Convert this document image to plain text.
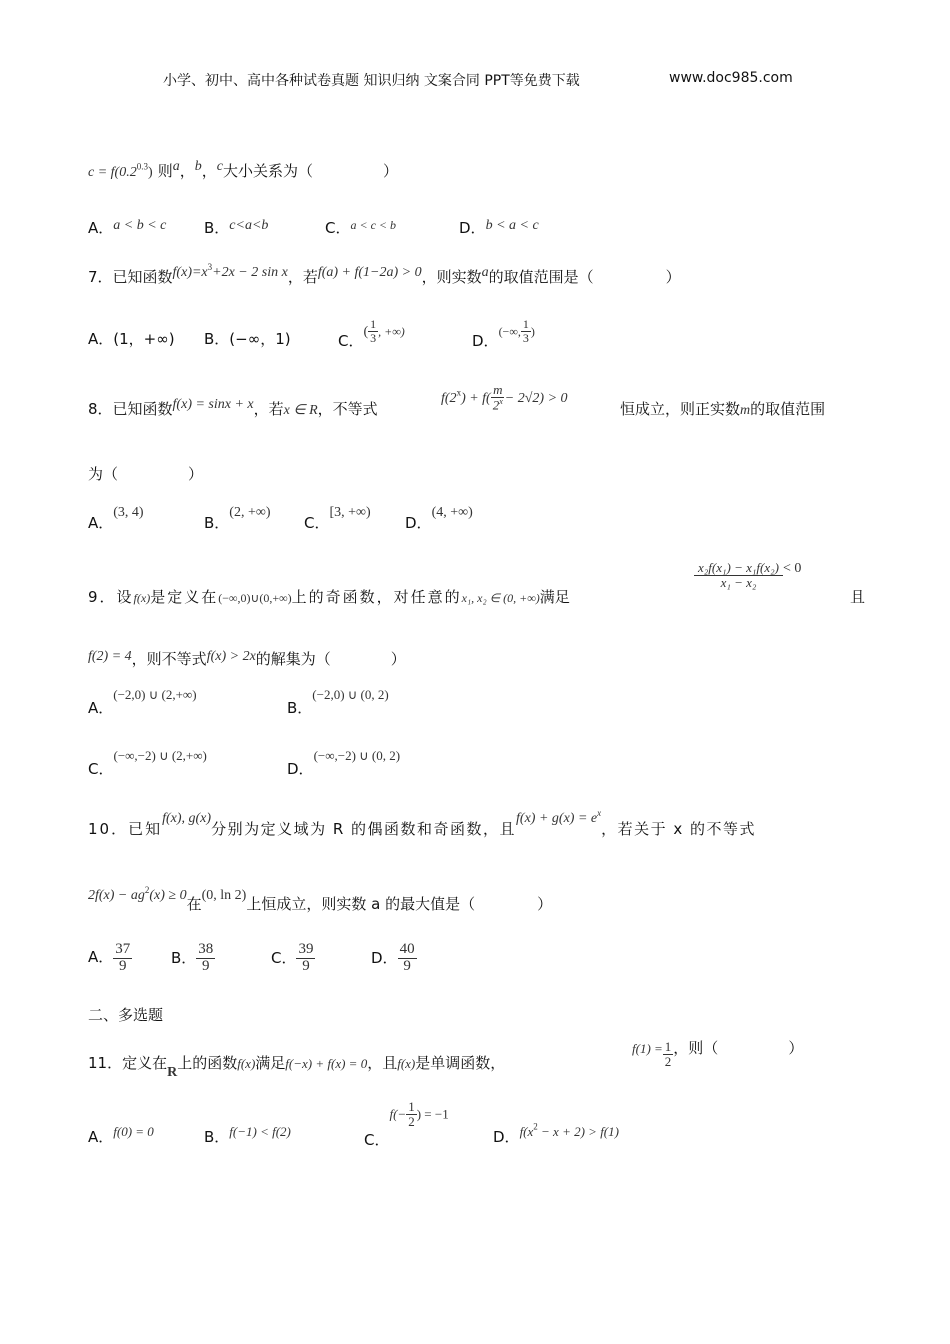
小学、初中、高中各种试卷真题 知识归纳 文案合同 PPT等免费下载	www.doc985.com
$c = f(0.2^{0.3})$ 则a，b，c大小关系为（	）
A．a < b < c	B．c<a<b	C．$^{a < c < b}$	D．b < a < c
7．已知函数$f(x)=x^3+2x - 2$ sin x，若f(a) + f(1−2a) > 0，则实数a的取值范围是（	）
A．(1，+∞) B．(−∞，1)	C．( $\frac{1}{3}$ , +∞)	D．(−∞, $\frac{1}{3}$ )
8．已知函数f(x) = sinx + x，若x ∈ R，不等式
$f(2^x) + f( \frac{m}{2^x} - 2√2) > 0$
恒成立，则正实数m的取值范围
为（	）
A．(3, 4)
B．(2, +∞)
C．[3, +∞)
D．(4, +∞)
9．设f(x)是定义在(−∞,0)∪(0,+∞)上的奇函数，对任意的x₁, x₂ ∈ (0, +∞)满足
$\frac{\text{x₂f(x₁) − x₁f(x₂)}}{\text{x₁ − x₂}} < 0$
且
f(2) = 4，则不等式f(x) > 2x的解集为（	）
A．(−2,0) ∪ (2,+∞)
B．(−2,0) ∪ (0, 2)
C．(−∞,−2) ∪ (2,+∞)
D．(−∞,−2) ∪ (0, 2)
10．已知f(x), g(x)分别为定义域为 R 的偶函数和奇函数，且$f(x) + g(x) = e^x$，若关于 x 的不等式
$2f(x) - ag^2(x) \ge 0$在(0, ln 2)上恒成立，则实数 a 的最大值是（	）
A． $\frac{37}{9}$	B． $\frac{38}{9}$	C． $\frac{39}{9}$	D． $\frac{40}{9}$
二、多选题
11．定义在R上的函数f(x)满足f(−x) + f(x) = 0，且f(x)是单调函数，
$^{f(1) =} \frac{1}{2}$ ，则（	）
A．f(0) = 0	B．f(−1) < f(2)	C．$f(- \frac{1}{2}$ ) = −1
D．$f(x^2 - x + 2) > f(1)$
